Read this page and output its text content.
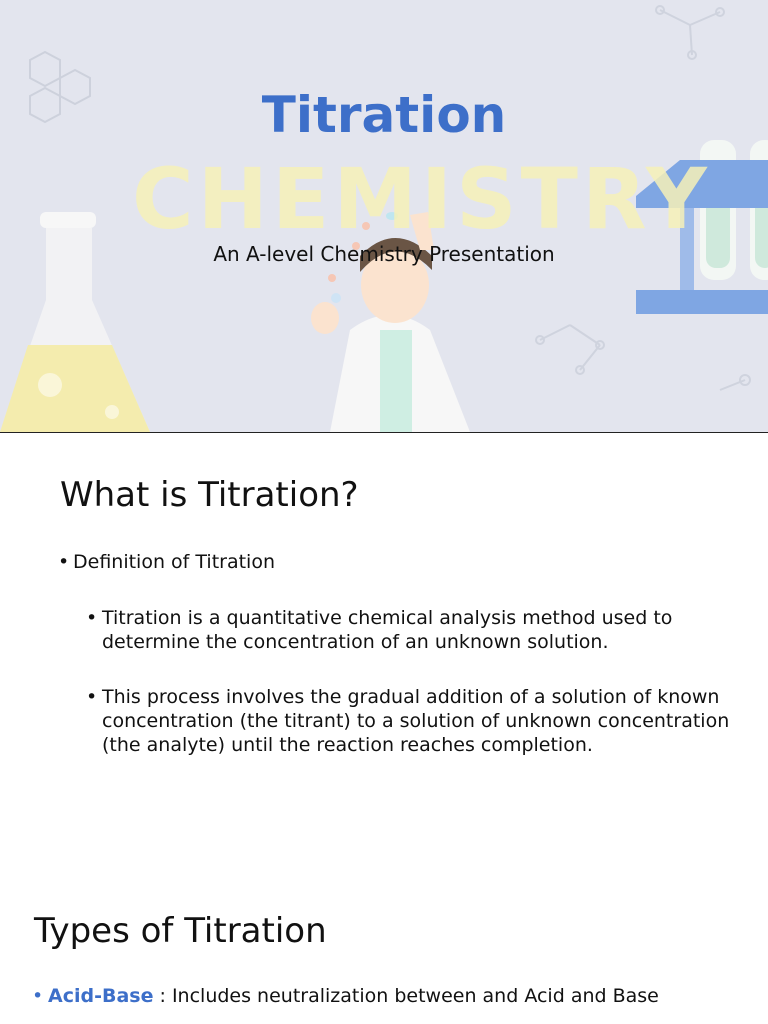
CHEMISTRY
Titration
An A-level Chemistry Presentation
What is Titration?
• Definition of Titration
• Titration is a quantitative chemical analysis method used to determine the concentration of an unknown solution.
• This process involves the gradual addition of a solution of known concentration (the titrant) to a solution of unknown concentration (the analyte) until the reaction reaches completion.
Types of Titration
• Acid-Base : Includes neutralization between and Acid and Base
